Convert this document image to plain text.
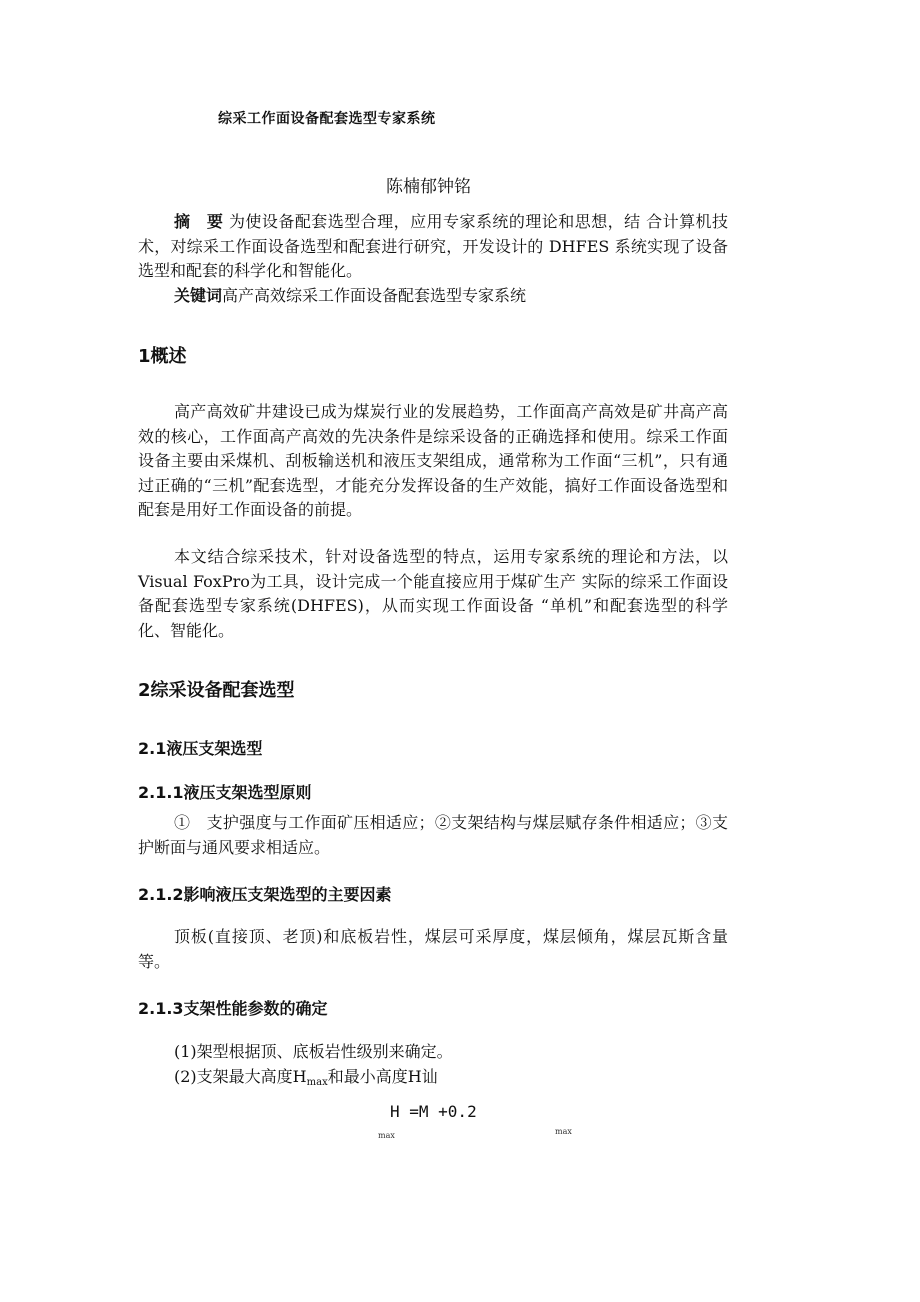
综采工作面设备配套选型专家系统
陈楠郁钟铭
摘　要 为使设备配套选型合理，应用专家系统的理论和思想，结 合计算机技术，对综采工作面设备选型和配套进行研究，开发设计的 DHFES 系统实现了设备选型和配套的科学化和智能化。
关键词高产高效综采工作面设备配套选型专家系统
1概述
高产高效矿井建设已成为煤炭行业的发展趋势，工作面高产高效是矿井高产高效的核心，工作面高产高效的先决条件是综采设备的正确选择和使用。综采工作面设备主要由采煤机、刮板输送机和液压支架组成，通常称为工作面“三机”，只有通过正确的“三机”配套选型，才能充分发挥设备的生产效能，搞好工作面设备选型和配套是用好工作面设备的前提。
本文结合综采技术，针对设备选型的特点，运用专家系统的理论和方法，以Visual FoxPro为工具，设计完成一个能直接应用于煤矿生产 实际的综采工作面设备配套选型专家系统(DHFES)，从而实现工作面设备 “单机”和配套选型的科学化、智能化。
2综采设备配套选型
2.1液压支架选型
2.1.1液压支架选型原则
①　支护强度与工作面矿压相适应；②支架结构与煤层赋存条件相适应；③支护断面与通风要求相适应。
2.1.2影响液压支架选型的主要因素
顶板(直接顶、老顶)和底板岩性，煤层可采厚度，煤层倾角，煤层瓦斯含量等。
2.1.3支架性能参数的确定
(1)架型根据顶、底板岩性级别来确定。
(2)支架最大高度$H_{max}$和最小高度H讪
H =M +0.2
max	max
